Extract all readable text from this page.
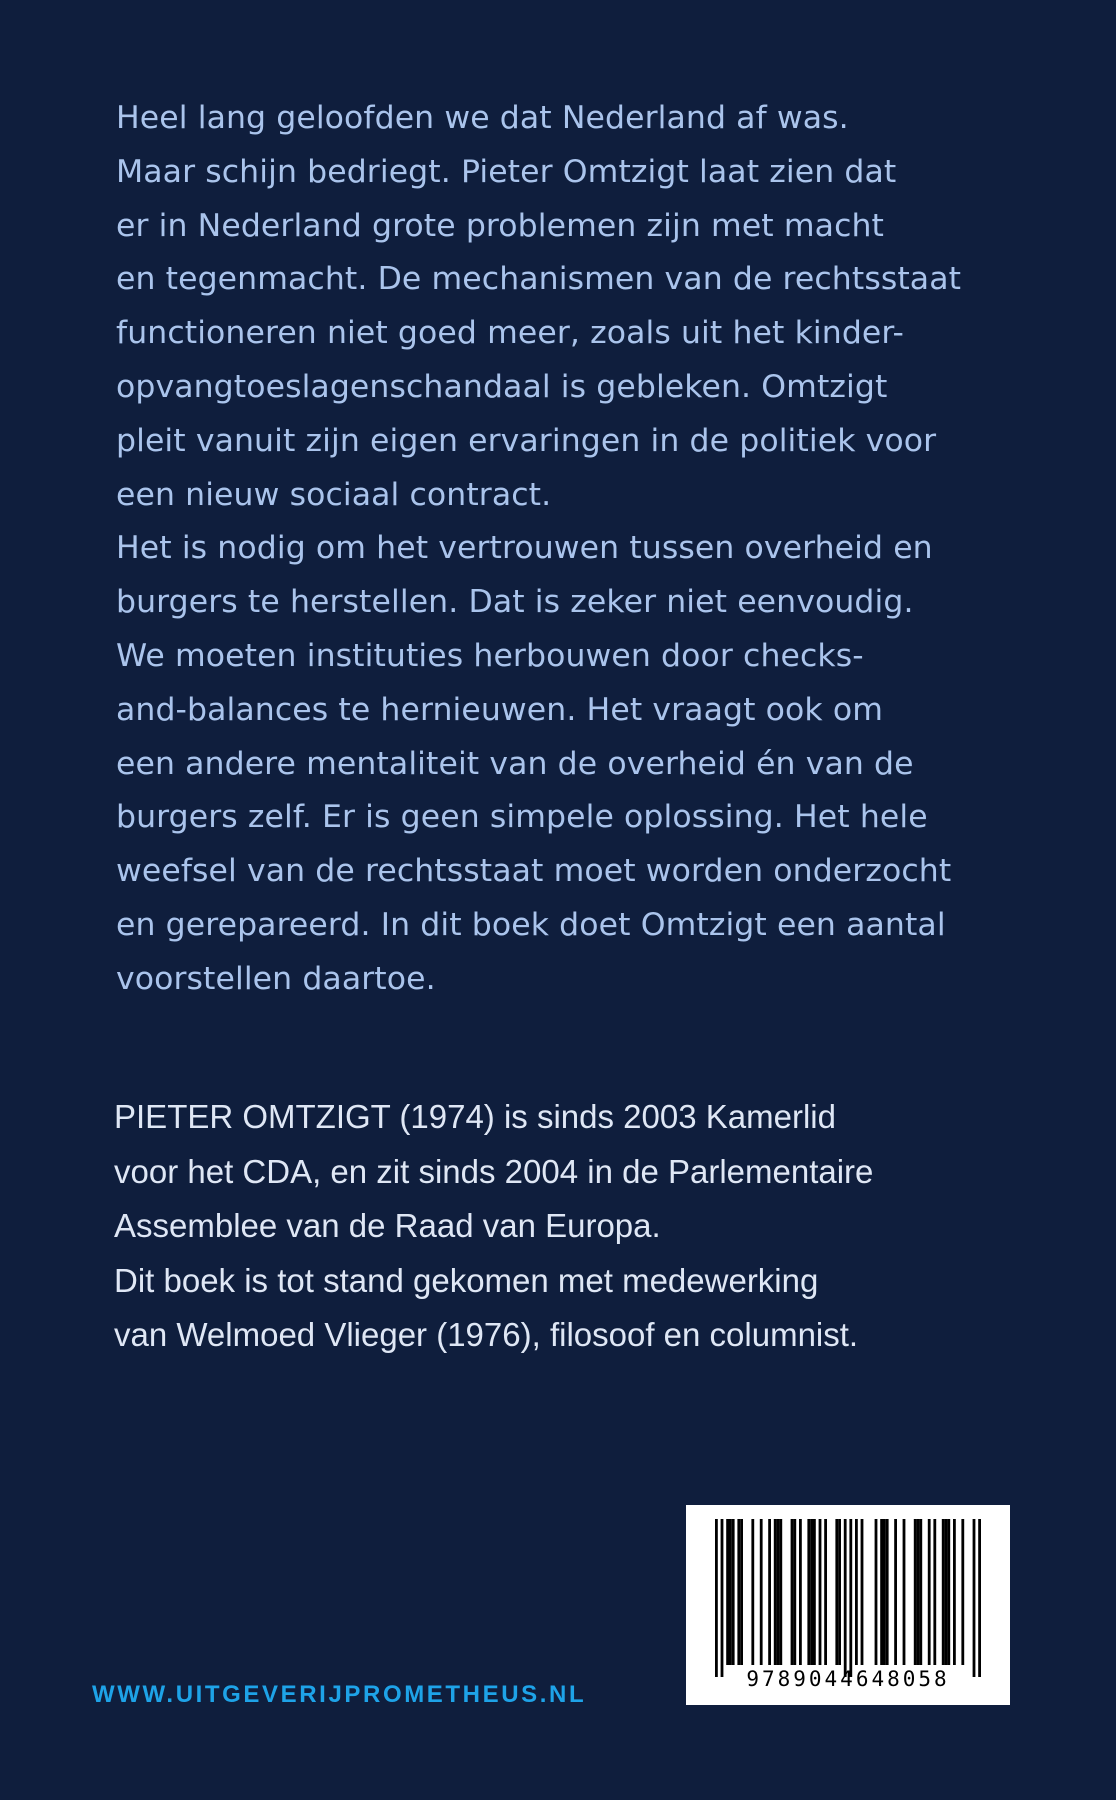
Heel lang geloofden we dat Nederland af was.
Maar schijn bedriegt. Pieter Omtzigt laat zien dat
er in Nederland grote problemen zijn met macht
en tegenmacht. De mechanismen van de rechtsstaat
functioneren niet goed meer, zoals uit het kinder-
opvangtoeslagenschandaal is gebleken. Omtzigt
pleit vanuit zijn eigen ervaringen in de politiek voor
een nieuw sociaal contract.
Het is nodig om het vertrouwen tussen overheid en
burgers te herstellen. Dat is zeker niet eenvoudig.
We moeten instituties herbouwen door checks-
and-balances te hernieuwen. Het vraagt ook om
een andere mentaliteit van de overheid én van de
burgers zelf. Er is geen simpele oplossing. Het hele
weefsel van de rechtsstaat moet worden onderzocht
en gerepareerd. In dit boek doet Omtzigt een aantal
voorstellen daartoe.

PIETER OMTZIGT (1974) is sinds 2003 Kamerlid
voor het CDA, en zit sinds 2004 in de Parlementaire
Assemblee van de Raad van Europa.
Dit boek is tot stand gekomen met medewerking
van Welmoed Vlieger (1976), filosoof en columnist.

WWW.UITGEVERIJPROMETHEUS.NL
9789044648058
